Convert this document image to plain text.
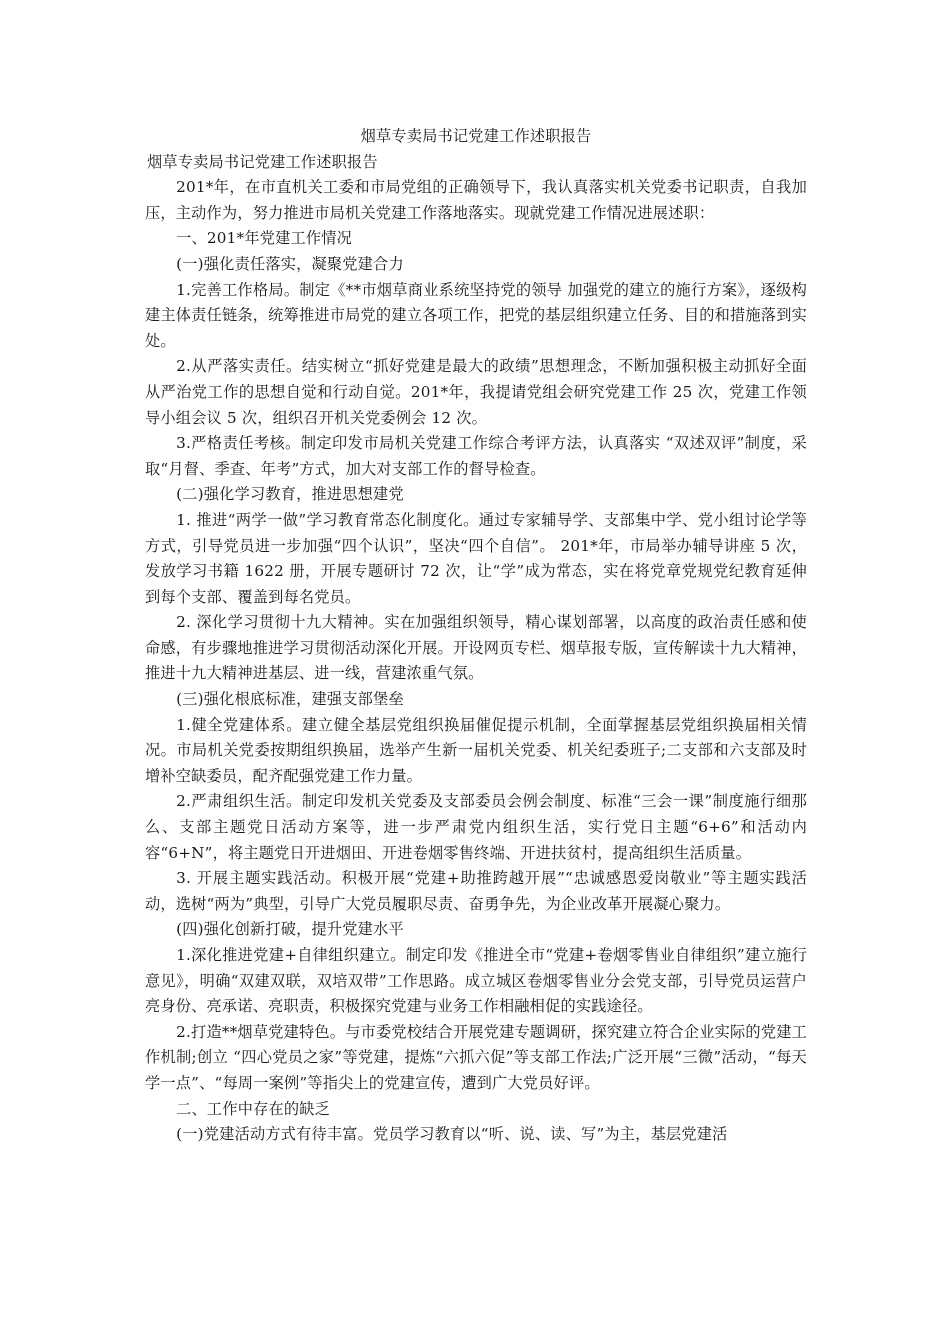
烟草专卖局书记党建工作述职报告
烟草专卖局书记党建工作述职报告

201*年，在市直机关工委和市局党组的正确领导下，我认真落实机关党委书记职责，自我加压，主动作为，努力推进市局机关党建工作落地落实。现就党建工作情况进展述职：

一、201*年党建工作情况

(一)强化责任落实，凝聚党建合力

1.完善工作格局。制定《**市烟草商业系统坚持党的领导 加强党的建立的施行方案》，逐级构建主体责任链条，统筹推进市局党的建立各项工作，把党的基层组织建立任务、目的和措施落到实处。

2.从严落实责任。结实树立“抓好党建是最大的政绩”思想理念，不断加强积极主动抓好全面从严治党工作的思想自觉和行动自觉。201*年，我提请党组会研究党建工作 25 次，党建工作领导小组会议 5 次，组织召开机关党委例会 12 次。

3.严格责任考核。制定印发市局机关党建工作综合考评方法，认真落实 “双述双评”制度，采取“月督、季查、年考”方式，加大对支部工作的督导检查。

(二)强化学习教育，推进思想建党

1. 推进“两学一做”学习教育常态化制度化。通过专家辅导学、支部集中学、党小组讨论学等方式，引导党员进一步加强“四个认识”，坚决“四个自信”。 201*年，市局举办辅导讲座 5 次，发放学习书籍 1622 册，开展专题研讨 72 次，让“学”成为常态，实在将党章党规党纪教育延伸到每个支部、覆盖到每名党员。

2. 深化学习贯彻十九大精神。实在加强组织领导，精心谋划部署，以高度的政治责任感和使命感，有步骤地推进学习贯彻活动深化开展。开设网页专栏、烟草报专版，宣传解读十九大精神，推进十九大精神进基层、进一线，营建浓重气氛。

(三)强化根底标准，建强支部堡垒

1.健全党建体系。建立健全基层党组织换届催促提示机制，全面掌握基层党组织换届相关情况。市局机关党委按期组织换届，选举产生新一届机关党委、机关纪委班子;二支部和六支部及时增补空缺委员，配齐配强党建工作力量。

2.严肃组织生活。制定印发机关党委及支部委员会例会制度、标准“三会一课”制度施行细那么、支部主题党日活动方案等，进一步严肃党内组织生活，实行党日主题“6+6”和活动内容“6+N”，将主题党日开进烟田、开进卷烟零售终端、开进扶贫村，提高组织生活质量。

3. 开展主题实践活动。积极开展“党建+助推跨越开展”“忠诚感恩爱岗敬业”等主题实践活动，选树“两为”典型，引导广大党员履职尽责、奋勇争先，为企业改革开展凝心聚力。

(四)强化创新打破，提升党建水平

1.深化推进党建+自律组织建立。制定印发《推进全市“党建+卷烟零售业自律组织”建立施行意见》，明确“双建双联，双培双带”工作思路。成立城区卷烟零售业分会党支部，引导党员运营户亮身份、亮承诺、亮职责，积极探究党建与业务工作相融相促的实践途径。

2.打造**烟草党建特色。与市委党校结合开展党建专题调研，探究建立符合企业实际的党建工作机制;创立 “四心党员之家”等党建，提炼“六抓六促”等支部工作法;广泛开展“三微”活动，“每天学一点”、“每周一案例”等指尖上的党建宣传，遭到广大党员好评。

二、工作中存在的缺乏

(一)党建活动方式有待丰富。党员学习教育以“听、说、读、写”为主，基层党建活
